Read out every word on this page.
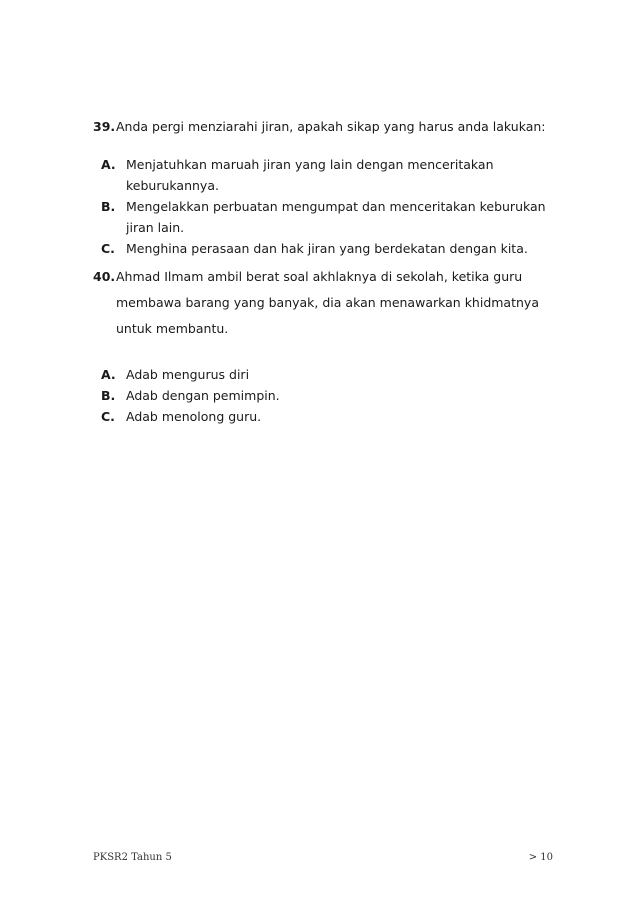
39. Anda pergi menziarahi jiran, apakah sikap yang harus anda lakukan:
A. Menjatuhkan maruah jiran yang lain dengan menceritakan keburukannya.
B. Mengelakkan perbuatan mengumpat dan menceritakan keburukan jiran lain.
C. Menghina perasaan dan hak jiran yang berdekatan dengan kita.
40. Ahmad Ilmam ambil berat soal akhlaknya di sekolah, ketika guru membawa barang yang banyak, dia akan menawarkan khidmatnya untuk membantu.
A. Adab mengurus diri
B. Adab dengan pemimpin.
C. Adab menolong guru.
PKSR2 Tahun 5	> 10
